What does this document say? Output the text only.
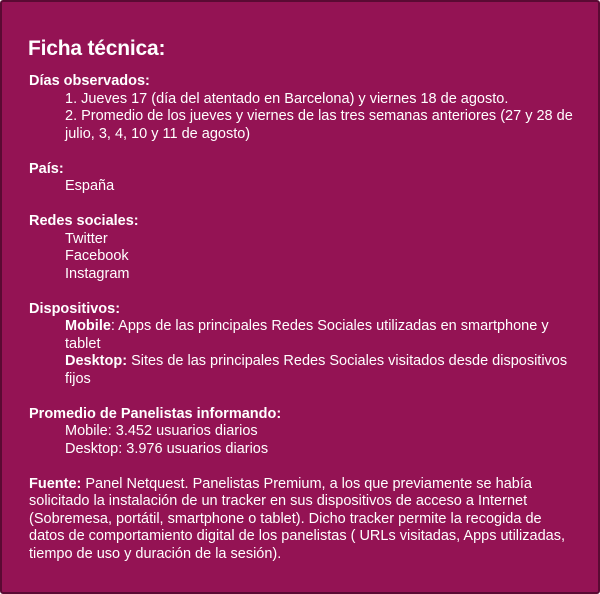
Ficha técnica:
Días observados:
1. Jueves 17 (día del atentado en Barcelona) y viernes 18 de agosto.
2. Promedio de los jueves y viernes de las tres semanas anteriores (27 y 28 de julio, 3, 4, 10 y 11 de agosto)
País:
España
Redes sociales:
Twitter
Facebook
Instagram
Dispositivos:
Mobile: Apps de las principales Redes Sociales utilizadas en smartphone y tablet
Desktop: Sites de las principales Redes Sociales visitados desde dispositivos fijos
Promedio de Panelistas informando:
Mobile: 3.452 usuarios diarios
Desktop: 3.976 usuarios diarios

Fuente: Panel Netquest. Panelistas Premium, a los que previamente se había solicitado la instalación de un tracker en sus dispositivos de acceso a Internet (Sobremesa, portátil, smartphone o tablet). Dicho tracker permite la recogida de datos de comportamiento digital de los panelistas ( URLs visitadas, Apps utilizadas, tiempo de uso y duración de la sesión).
